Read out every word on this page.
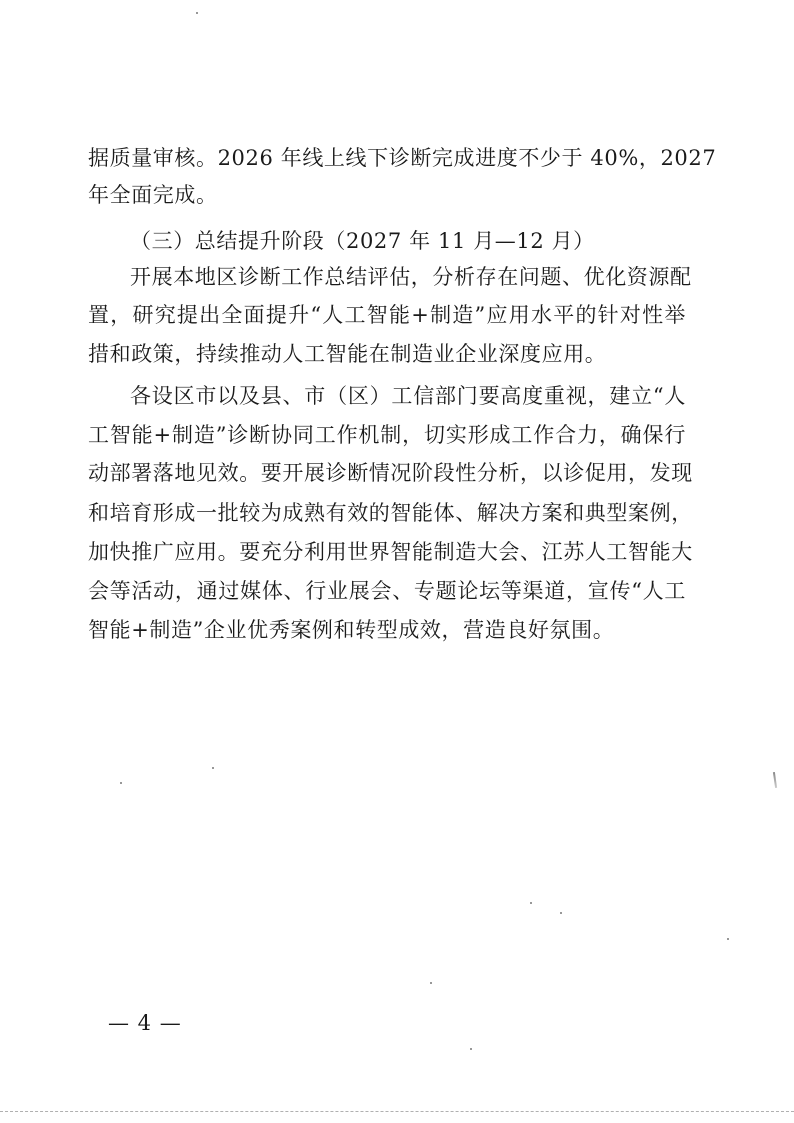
据质量审核。2026 年线上线下诊断完成进度不少于 40%，2027
年全面完成。
（三）总结提升阶段（2027 年 11 月—12 月）
开展本地区诊断工作总结评估，分析存在问题、优化资源配
置，研究提出全面提升“人工智能+制造”应用水平的针对性举
措和政策，持续推动人工智能在制造业企业深度应用。
各设区市以及县、市（区）工信部门要高度重视，建立“人
工智能+制造”诊断协同工作机制，切实形成工作合力，确保行
动部署落地见效。要开展诊断情况阶段性分析，以诊促用，发现
和培育形成一批较为成熟有效的智能体、解决方案和典型案例，
加快推广应用。要充分利用世界智能制造大会、江苏人工智能大
会等活动，通过媒体、行业展会、专题论坛等渠道，宣传“人工
智能+制造”企业优秀案例和转型成效，营造良好氛围。
— 4 —
